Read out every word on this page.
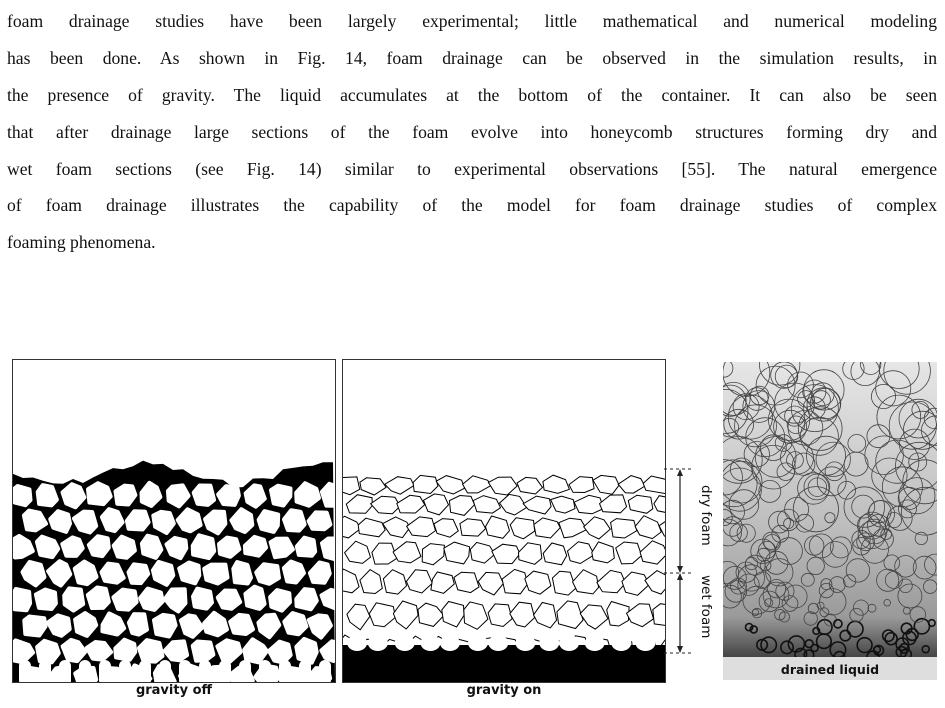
foam drainage studies have been largely experimental; little mathematical and numerical modeling
has been done. As shown in Fig. 14, foam drainage can be observed in the simulation results, in
the presence of gravity. The liquid accumulates at the bottom of the container. It can also be seen
that after drainage large sections of the foam evolve into honeycomb structures forming dry and
wet foam sections (see Fig. 14) similar to experimental observations [55]. The natural emergence
of foam drainage illustrates the capability of the model for foam drainage studies of complex
foaming phenomena.
gravity off	gravity on
dry foam
wet foam
drained liquid
